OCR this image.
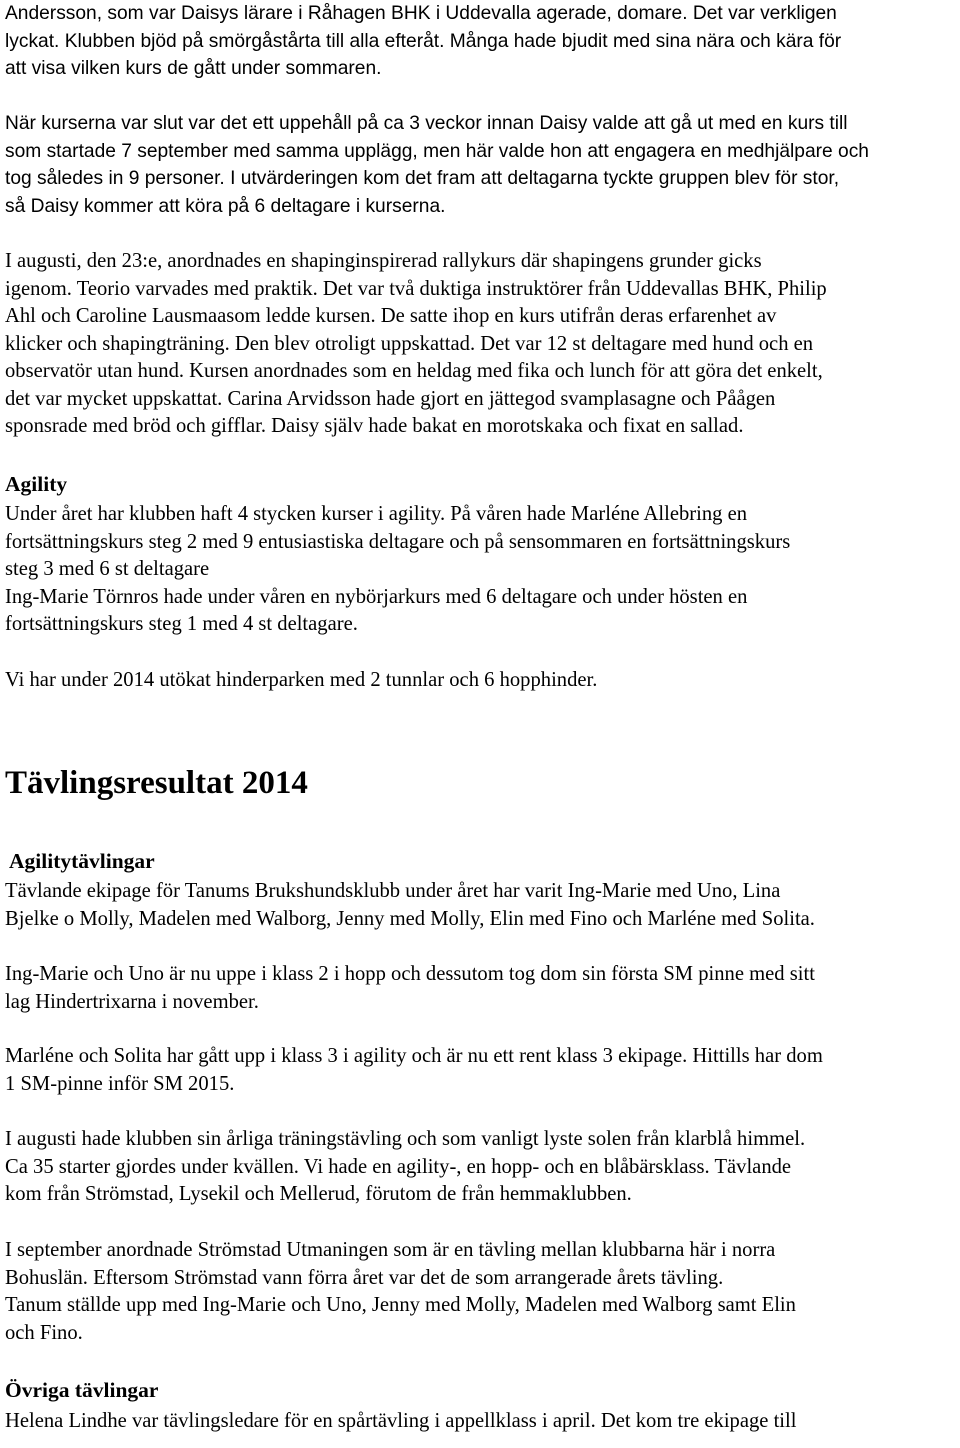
Andersson, som var Daisys lärare i Råhagen BHK i Uddevalla agerade, domare. Det var verkligen

lyckat. Klubben bjöd på smörgåstårta till alla efteråt. Många hade bjudit med sina nära och kära för

att visa vilken kurs de gått under sommaren.

När kurserna var slut var det ett uppehåll på ca 3 veckor innan Daisy valde att gå ut med en kurs till

som startade 7 september med samma upplägg, men här valde hon att engagera en medhjälpare och

tog således in 9 personer. I utvärderingen kom det fram att deltagarna tyckte gruppen blev för stor,

så Daisy kommer att köra på 6 deltagare i kurserna.

I augusti, den 23:e, anordnades en shapinginspirerad rallykurs där shapingens grunder gicks

igenom. Teorio varvades med praktik. Det var två duktiga instruktörer från Uddevallas BHK, Philip

Ahl och Caroline Lausmaasom ledde kursen. De satte ihop en kurs utifrån deras erfarenhet av

klicker och shapingträning. Den blev otroligt uppskattad. Det var 12 st deltagare med hund och en

observatör utan hund. Kursen anordnades som en heldag med fika och lunch för att göra det enkelt,

det var mycket uppskattat. Carina Arvidsson hade gjort en jättegod svamplasagne och Påågen

sponsrade med bröd och gifflar. Daisy själv hade bakat en morotskaka och fixat en sallad.

Agility

Under året har klubben haft 4 stycken kurser i agility. På våren hade Marléne Allebring en

fortsättningskurs steg 2 med 9 entusiastiska deltagare och på sensommaren en fortsättningskurs

steg 3 med 6 st deltagare

Ing-Marie Törnros hade under våren en nybörjarkurs med 6 deltagare och under hösten en

fortsättningskurs steg 1 med 4 st deltagare.

Vi har under 2014 utökat hinderparken med 2 tunnlar och 6 hopphinder.

Tävlingsresultat 2014

Agilitytävlingar

Tävlande ekipage för Tanums Brukshundsklubb under året har varit Ing-Marie med Uno, Lina

Bjelke o Molly, Madelen med Walborg, Jenny med Molly, Elin med Fino och Marléne med Solita.

Ing-Marie och Uno är nu uppe i klass 2 i hopp och dessutom tog dom sin första SM pinne med sitt

lag Hindertrixarna i november.

Marléne och Solita har gått upp i klass 3 i agility och är nu ett rent klass 3 ekipage. Hittills har dom

1 SM-pinne inför SM 2015.

I augusti hade klubben sin årliga träningstävling och som vanligt lyste solen från klarblå himmel.

Ca 35 starter gjordes under kvällen. Vi hade en agility-, en hopp- och en blåbärsklass. Tävlande

kom från Strömstad, Lysekil och Mellerud, förutom de från hemmaklubben.

I september anordnade Strömstad Utmaningen som är en tävling mellan klubbarna här i norra

Bohuslän. Eftersom Strömstad vann förra året var det de som arrangerade årets tävling.

Tanum ställde upp med Ing-Marie och Uno, Jenny med Molly, Madelen med Walborg samt Elin

och Fino.

Övriga tävlingar

Helena Lindhe var tävlingsledare för en spårtävling i appellklass i april. Det kom tre ekipage till
